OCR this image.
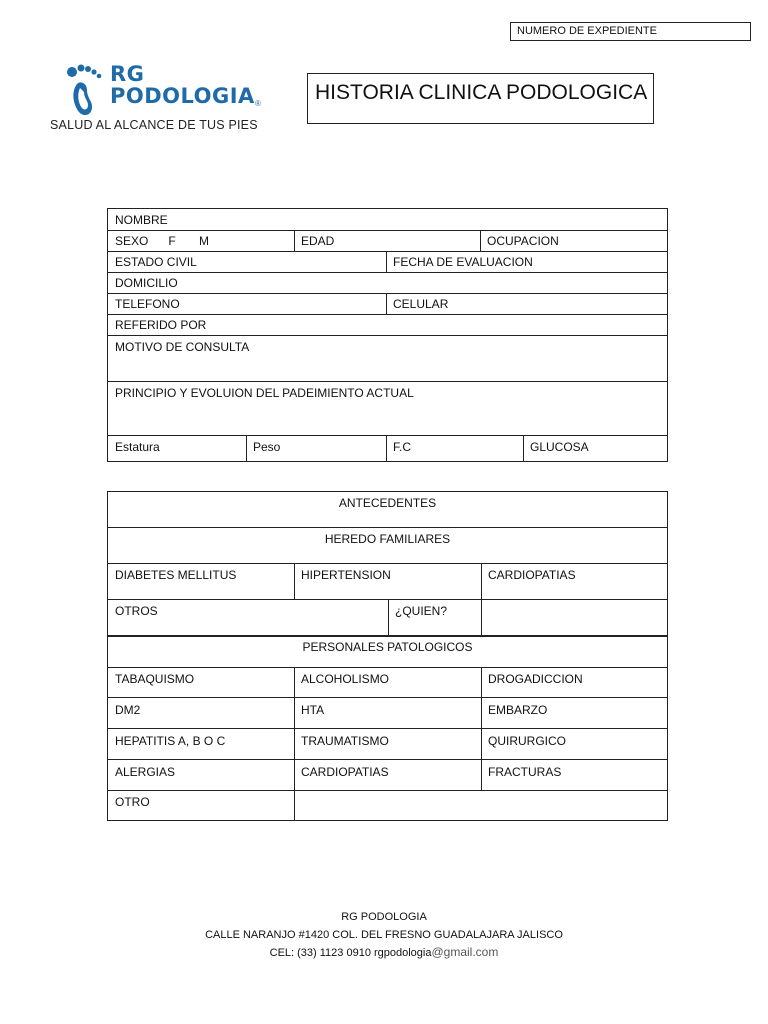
NUMERO DE EXPEDIENTE
RG
PODOLOGIA ®
SALUD AL ALCANCE DE TUS PIES
HISTORIA CLINICA PODOLOGICA
NOMBRE
SEXO      F       M	EDAD	OCUPACION
ESTADO CIVIL	FECHA DE EVALUACION
DOMICILIO
TELEFONO	CELULAR
REFERIDO POR
MOTIVO DE CONSULTA
PRINCIPIO Y EVOLUION DEL PADEIMIENTO ACTUAL
Estatura	Peso	F.C	GLUCOSA
ANTECEDENTES
HEREDO FAMILIARES
DIABETES MELLITUS	HIPERTENSION	CARDIOPATIAS
OTROS	¿QUIEN?
PERSONALES PATOLOGICOS
TABAQUISMO	ALCOHOLISMO	DROGADICCION
DM2	HTA	EMBARZO
HEPATITIS A, B O C	TRAUMATISMO	QUIRURGICO
ALERGIAS	CARDIOPATIAS	FRACTURAS
OTRO
RG PODOLOGIA
CALLE NARANJO #1420 COL. DEL FRESNO GUADALAJARA JALISCO
CEL: (33) 1123 0910 rgpodologia@gmail.com
